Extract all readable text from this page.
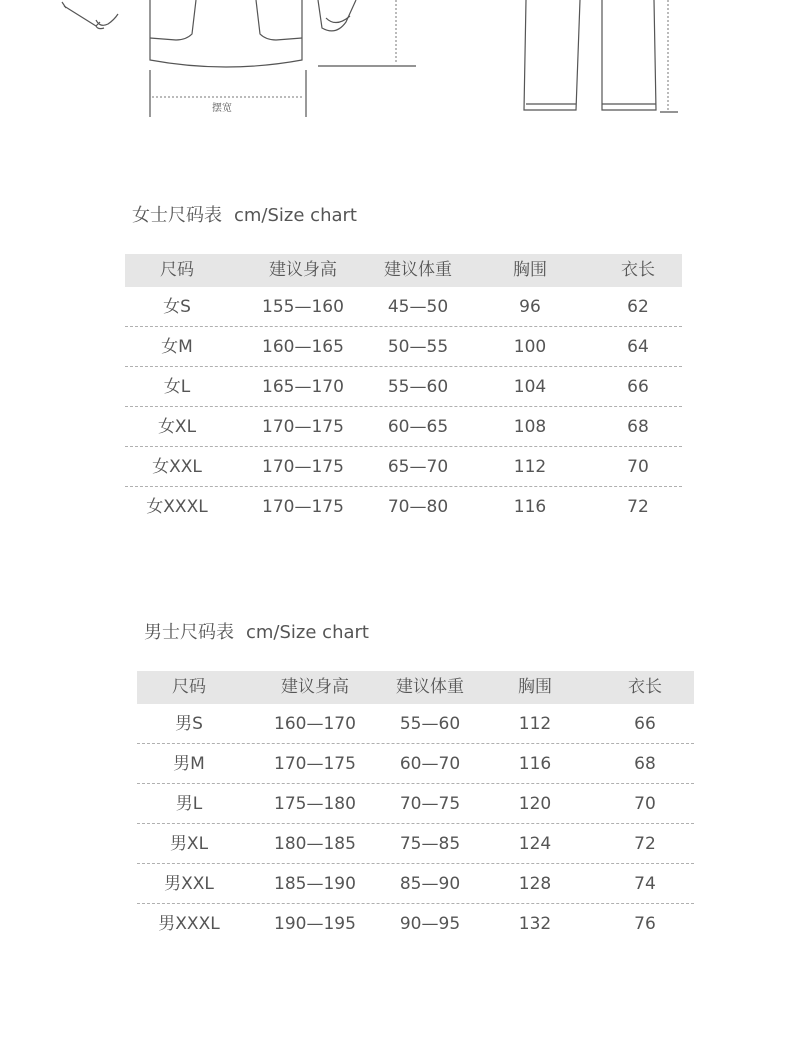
摆宽
女士尺码表 cm/Size chart
尺码	建议身高	建议体重	胸围	衣长
女S	155—160	45—50	96	62
女M	160—165	50—55	100	64
女L	165—170	55—60	104	66
女XL	170—175	60—65	108	68
女XXL	170—175	65—70	112	70
女XXXL	170—175	70—80	116	72
男士尺码表 cm/Size chart
尺码	建议身高	建议体重	胸围	衣长
男S	160—170	55—60	112	66
男M	170—175	60—70	116	68
男L	175—180	70—75	120	70
男XL	180—185	75—85	124	72
男XXL	185—190	85—90	128	74
男XXXL	190—195	90—95	132	76
